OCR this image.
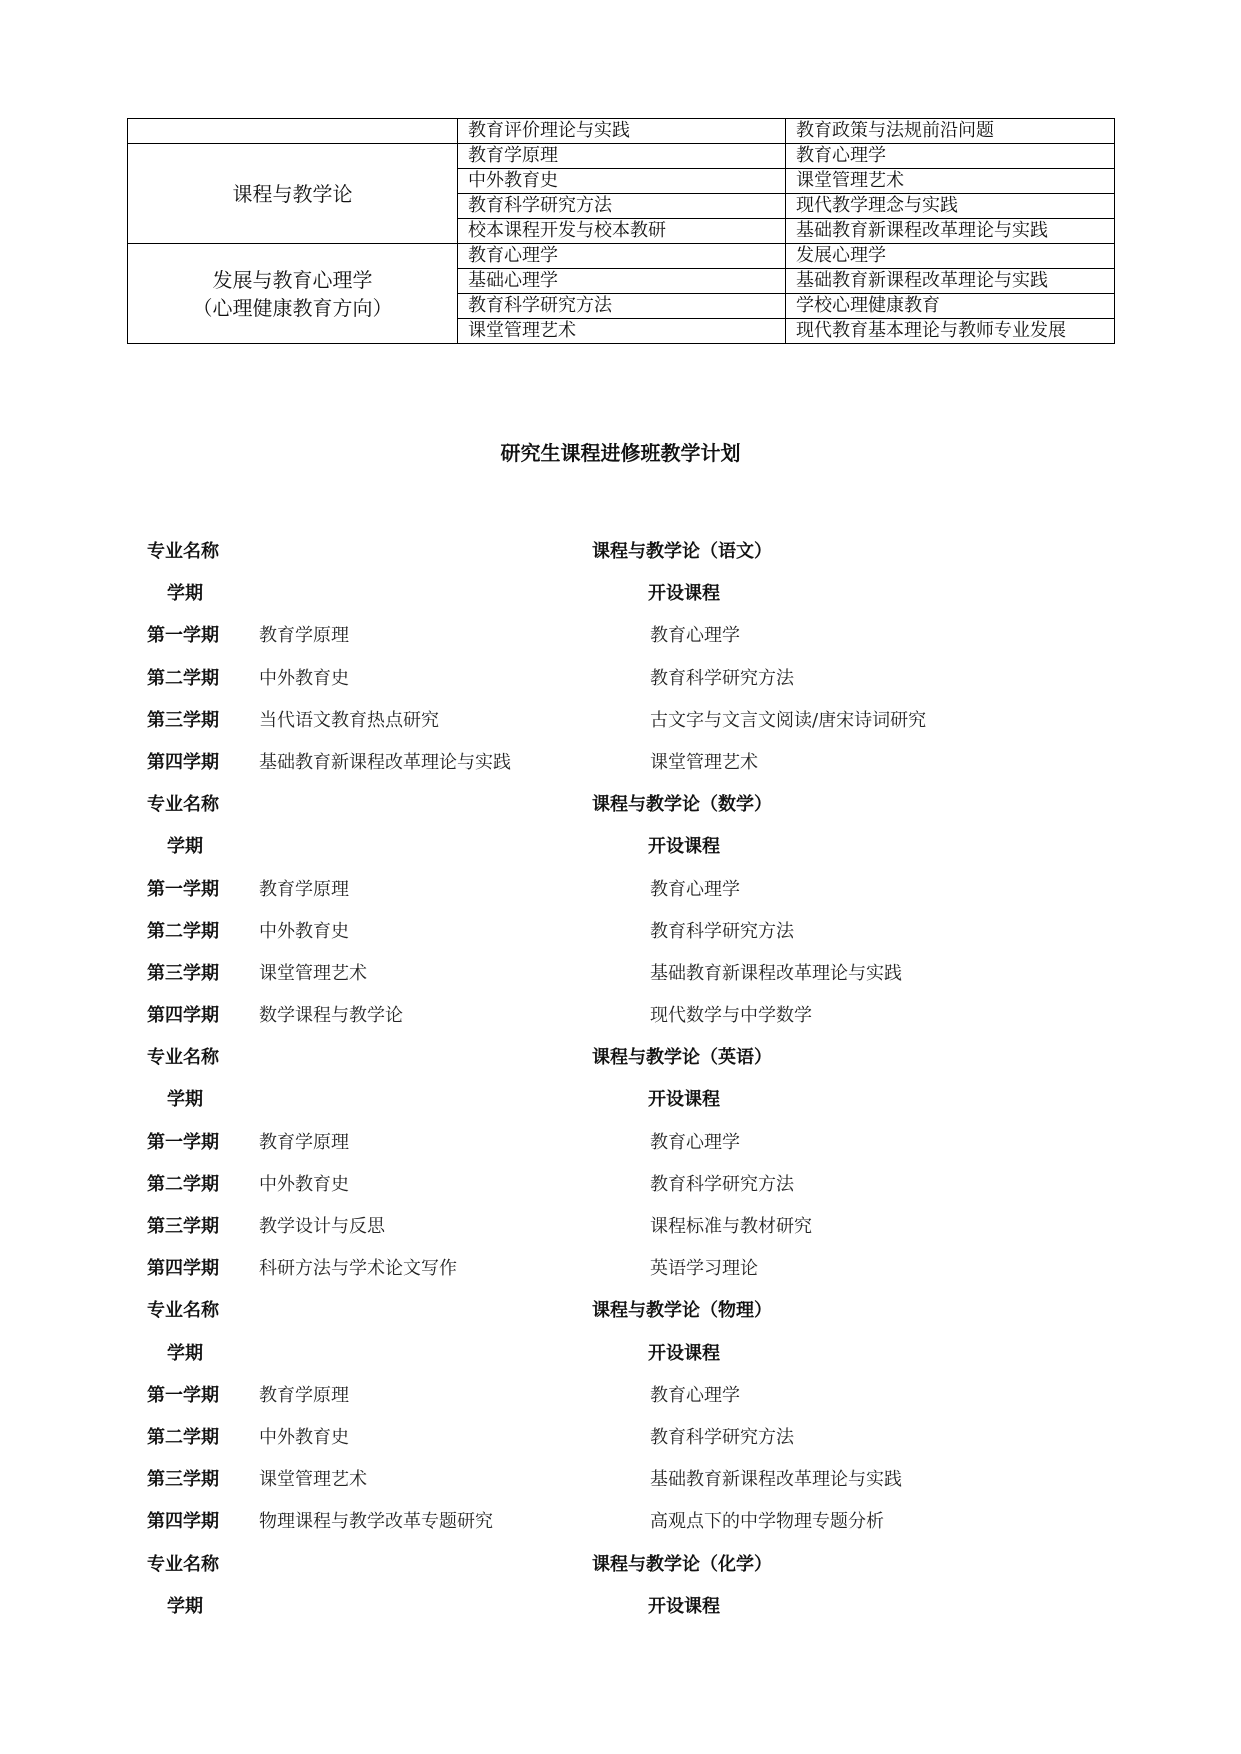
	教育评价理论与实践	教育政策与法规前沿问题

课程与教学论	教育学原理	教育心理学
	中外教育史	课堂管理艺术
	教育科学研究方法	现代教学理念与实践
	校本课程开发与校本教研	基础教育新课程改革理论与实践

发展与教育心理学
（心理健康教育方向）	教育心理学	发展心理学
	基础心理学	基础教育新课程改革理论与实践
	教育科学研究方法	学校心理健康教育
	课堂管理艺术	现代教育基本理论与教师专业发展
研究生课程进修班教学计划
专业名称	课程与教学论（语文）
学期	开设课程
第一学期 教育学原理	教育心理学
第二学期 中外教育史	教育科学研究方法
第三学期 当代语文教育热点研究	古文字与文言文阅读/唐宋诗词研究
第四学期 基础教育新课程改革理论与实践	课堂管理艺术
专业名称	课程与教学论（数学）
学期	开设课程
第一学期 教育学原理	教育心理学
第二学期 中外教育史	教育科学研究方法
第三学期 课堂管理艺术	基础教育新课程改革理论与实践
第四学期 数学课程与教学论	现代数学与中学数学
专业名称	课程与教学论（英语）
学期	开设课程
第一学期 教育学原理	教育心理学
第二学期 中外教育史	教育科学研究方法
第三学期 教学设计与反思	课程标准与教材研究
第四学期 科研方法与学术论文写作	英语学习理论
专业名称	课程与教学论（物理）
学期	开设课程
第一学期 教育学原理	教育心理学
第二学期 中外教育史	教育科学研究方法
第三学期 课堂管理艺术	基础教育新课程改革理论与实践
第四学期 物理课程与教学改革专题研究	高观点下的中学物理专题分析
专业名称	课程与教学论（化学）
学期	开设课程
